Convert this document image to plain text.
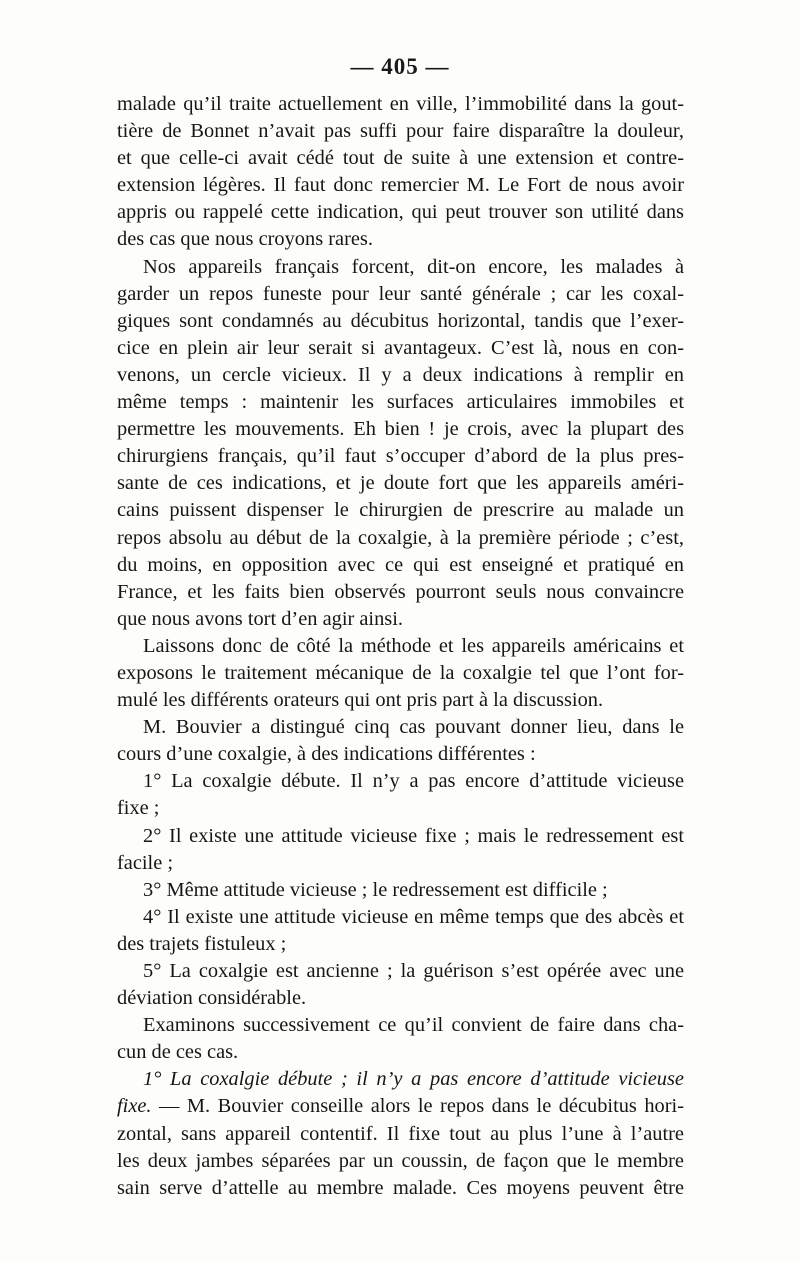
— 405 —
malade qu’il traite actuellement en ville, l’immobilité dans la gout-
tière de Bonnet n’avait pas suffi pour faire disparaître la douleur,
et que celle-ci avait cédé tout de suite à une extension et contre-
extension légères. Il faut donc remercier M. Le Fort de nous avoir
appris ou rappelé cette indication, qui peut trouver son utilité dans
des cas que nous croyons rares.
Nos appareils français forcent, dit-on encore, les malades à
garder un repos funeste pour leur santé générale ; car les coxal-
giques sont condamnés au décubitus horizontal, tandis que l’exer-
cice en plein air leur serait si avantageux. C’est là, nous en con-
venons, un cercle vicieux. Il y a deux indications à remplir en
même temps : maintenir les surfaces articulaires immobiles et
permettre les mouvements. Eh bien ! je crois, avec la plupart des
chirurgiens français, qu’il faut s’occuper d’abord de la plus pres-
sante de ces indications, et je doute fort que les appareils améri-
cains puissent dispenser le chirurgien de prescrire au malade un
repos absolu au début de la coxalgie, à la première période ; c’est,
du moins, en opposition avec ce qui est enseigné et pratiqué en
France, et les faits bien observés pourront seuls nous convaincre
que nous avons tort d’en agir ainsi.
Laissons donc de côté la méthode et les appareils américains et
exposons le traitement mécanique de la coxalgie tel que l’ont for-
mulé les différents orateurs qui ont pris part à la discussion.
M. Bouvier a distingué cinq cas pouvant donner lieu, dans le
cours d’une coxalgie, à des indications différentes :
1° La coxalgie débute. Il n’y a pas encore d’attitude vicieuse
fixe ;
2° Il existe une attitude vicieuse fixe ; mais le redressement est
facile ;
3° Même attitude vicieuse ; le redressement est difficile ;
4° Il existe une attitude vicieuse en même temps que des abcès et
des trajets fistuleux ;
5° La coxalgie est ancienne ; la guérison s’est opérée avec une
déviation considérable.
Examinons successivement ce qu’il convient de faire dans cha-
cun de ces cas.
1° La coxalgie débute ; il n’y a pas encore d’attitude vicieuse
fixe. — M. Bouvier conseille alors le repos dans le décubitus hori-
zontal, sans appareil contentif. Il fixe tout au plus l’une à l’autre
les deux jambes séparées par un coussin, de façon que le membre
sain serve d’attelle au membre malade. Ces moyens peuvent être
